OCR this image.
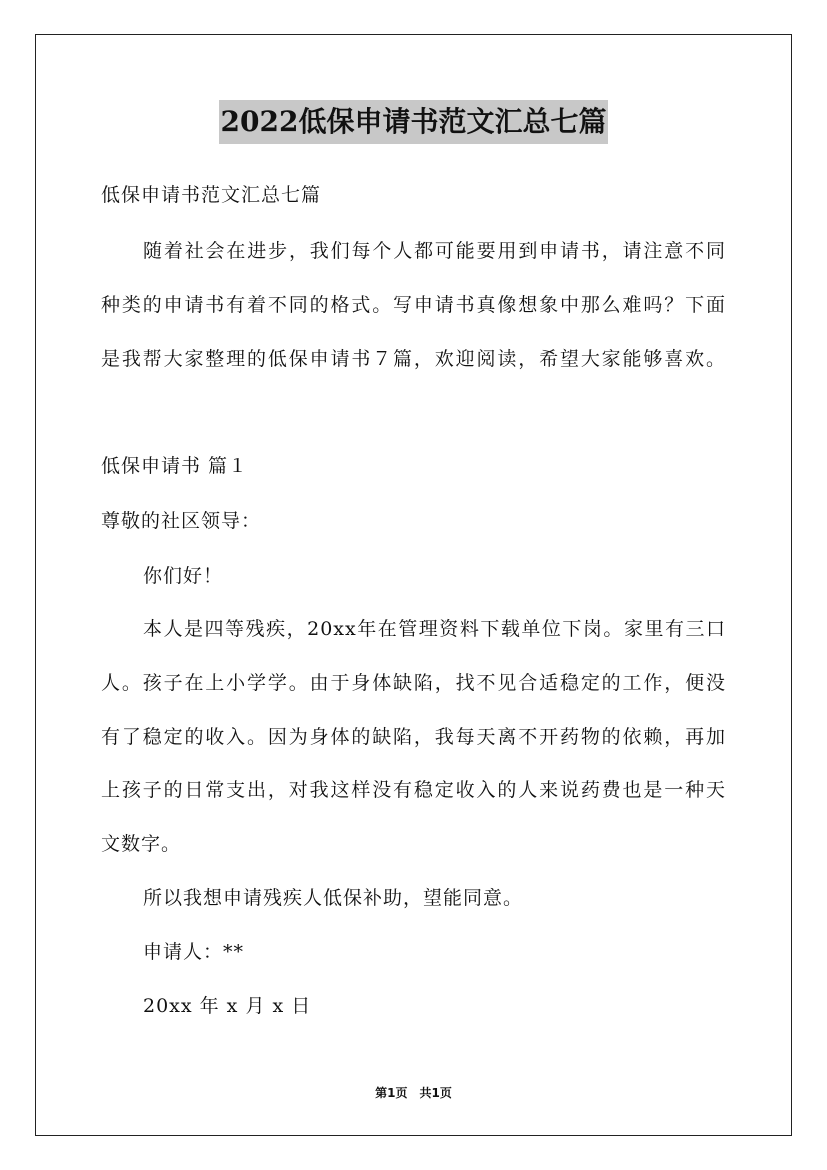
2022低保申请书范文汇总七篇
低保申请书范文汇总七篇
随着社会在进步，我们每个人都可能要用到申请书，请注意不同
种类的申请书有着不同的格式。写申请书真像想象中那么难吗？下面
是我帮大家整理的低保申请书７篇，欢迎阅读，希望大家能够喜欢。
低保申请书 篇１
尊敬的社区领导：
你们好！
本人是四等残疾，20xx年在管理资料下载单位下岗。家里有三口
人。孩子在上小学学。由于身体缺陷，找不见合适稳定的工作，便没
有了稳定的收入。因为身体的缺陷，我每天离不开药物的依赖，再加
上孩子的日常支出，对我这样没有稳定收入的人来说药费也是一种天
文数字。
所以我想申请残疾人低保补助，望能同意。
申请人：**
20xx 年 x 月 x 日
第1页　共1页
